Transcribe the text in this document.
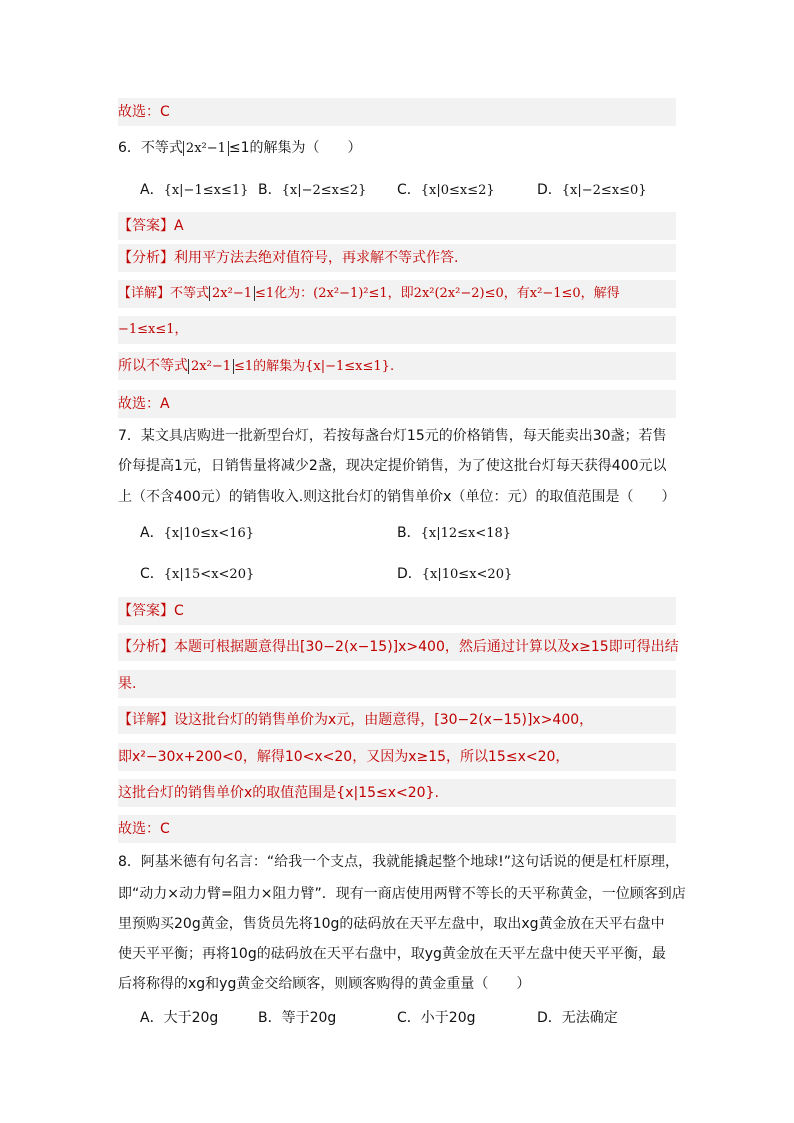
故选：C
6．不等式 2x²−1 ≤1的解集为（　　）
A．{x|−1≤x≤1} B．{x|−2≤x≤2} C．{x|0≤x≤2}	D．{x|−2≤x≤0}
【答案】A
【分析】利用平方法去绝对值符号，再求解不等式作答.
【详解】不等式 2x²−1 ≤1化为：(2x²−1)²≤1，即2x²(2x²−2)≤0，有x²−1≤0，解得
−1≤x≤1，
所以不等式 2x²−1 ≤1的解集为{x|−1≤x≤1}.
故选：A
7．某文具店购进一批新型台灯，若按每盏台灯15元的价格销售，每天能卖出30盏；若售
价每提高1元，日销售量将减少2盏，现决定提价销售，为了使这批台灯每天获得400元以
上（不含400元）的销售收入.则这批台灯的销售单价x（单位：元）的取值范围是（　　）
A．{x|10≤x<16}	B．{x|12≤x<18}
C．{x|15<x<20}	D．{x|10≤x<20}
【答案】C
【分析】本题可根据题意得出[30−2(x−15)]x>400，然后通过计算以及x≥15即可得出结
果.
【详解】设这批台灯的销售单价为x元，由题意得，[30−2(x−15)]x>400，
即x²−30x+200<0，解得10<x<20，又因为x≥15，所以15≤x<20，
这批台灯的销售单价x的取值范围是{x|15≤x<20}.
故选：C
8．阿基米德有句名言：“给我一个支点，我就能撬起整个地球!”这句话说的便是杠杆原理，
即“动力×动力臂=阻力×阻力臂”．现有一商店使用两臂不等长的天平称黄金，一位顾客到店
里预购买20g黄金，售货员先将10g的砝码放在天平左盘中，取出xg黄金放在天平右盘中
使天平平衡；再将10g的砝码放在天平右盘中，取yg黄金放在天平左盘中使天平平衡，最
后将称得的xg和yg黄金交给顾客，则顾客购得的黄金重量（　　）
A．大于20g	B．等于20g	C．小于20g	D．无法确定
